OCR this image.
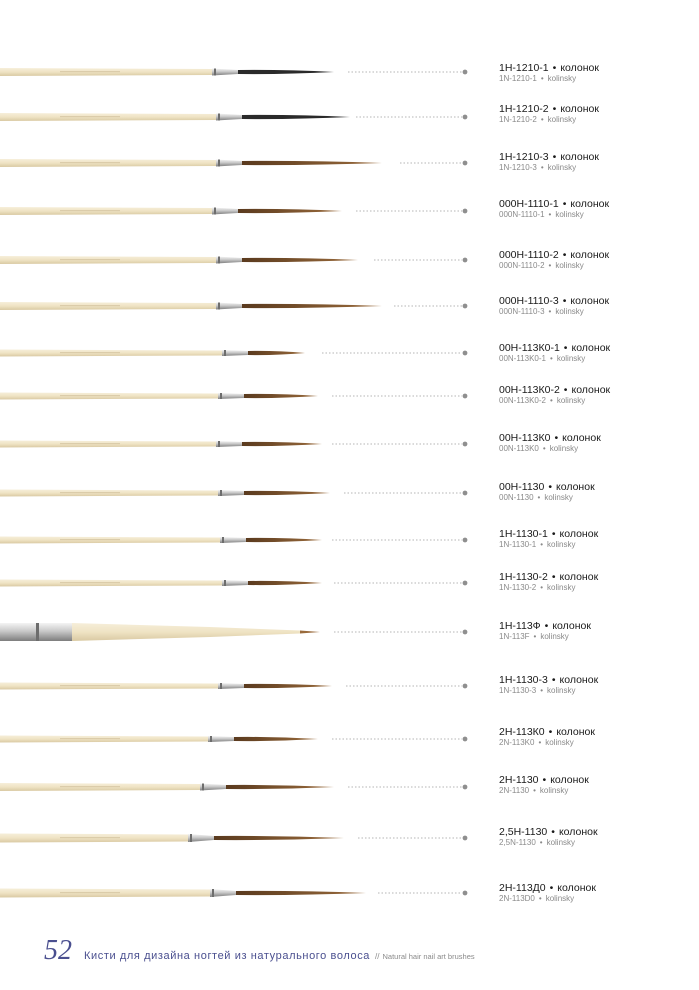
1Н-1210-1 • колонок
1N-1210-1 • kolinsky
1Н-1210-2 • колонок
1N-1210-2 • kolinsky
1Н-1210-3 • колонок
1N-1210-3 • kolinsky
000Н-1110-1 • колонок
000N-1110-1 • kolinsky
000Н-1110-2 • колонок
000N-1110-2 • kolinsky
000Н-1110-3 • колонок
000N-1110-3 • kolinsky
00Н-113К0-1 • колонок
00N-113K0-1 • kolinsky
00Н-113К0-2 • колонок
00N-113K0-2 • kolinsky
00Н-113К0 • колонок
00N-113K0 • kolinsky
00Н-1130 • колонок
00N-1130 • kolinsky
1Н-1130-1 • колонок
1N-1130-1 • kolinsky
1Н-1130-2 • колонок
1N-1130-2 • kolinsky
1Н-113Ф • колонок
1N-113F • kolinsky
1Н-1130-3 • колонок
1N-1130-3 • kolinsky
2Н-113К0 • колонок
2N-113K0 • kolinsky
2Н-1130 • колонок
2N-1130 • kolinsky
2,5Н-1130 • колонок
2,5N-1130 • kolinsky
2Н-113Д0 • колонок
2N-113D0 • kolinsky
52 Кисти для дизайна ногтей из натурального волоса // Natural hair nail art brushes
